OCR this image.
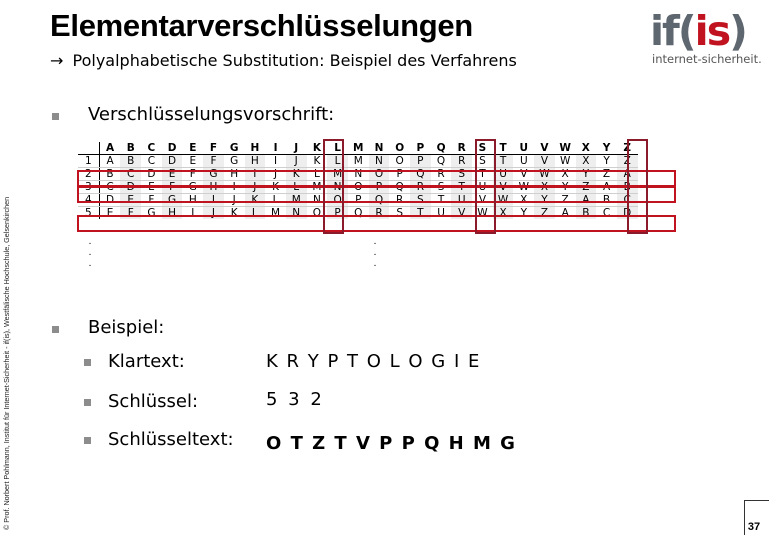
Elementarverschlüsselungen
→ Polyalphabetische Substitution: Beispiel des Verfahrens
if(is)
internet-sicherheit.
© Prof. Norbert Pohlmann, Institut für Internet-Sicherheit - if(is), Westfälische Hochschule, Gelsenkirchen
Verschlüsselungsvorschrift:
	A	B	C	D	E	F	G	H	I	J	K	L	M	N	O	P	Q	R	S	T	U	V	W	X	Y	Z
1	A	B	C	D	E	F	G	H	I	J	K	L	M	N	O	P	Q	R	S	T	U	V	W	X	Y	Z
2	B	C	D	E	F	G	H	I	J	K	L	M	N	O	P	Q	R	S	T	U	V	W	X	Y	Z	A
3	C	D	E	F	G	H	I	J	K	L	M	N	O	P	Q	R	S	T	U	V	W	X	Y	Z	A	B
4	D	E	F	G	H	I	J	K	L	M	N	O	P	Q	R	S	T	U	V	W	X	Y	Z	A	B	C
5	E	F	G	H	I	J	K	L	M	N	O	P	Q	R	S	T	U	V	W	X	Y	Z	A	B	C	D
.
.
.
.
.
.
Beispiel:
Klartext:	K R Y P T O L O G I E
Schlüssel:	5 3 2
Schlüsseltext: O T Z T V P P Q H M G
37
